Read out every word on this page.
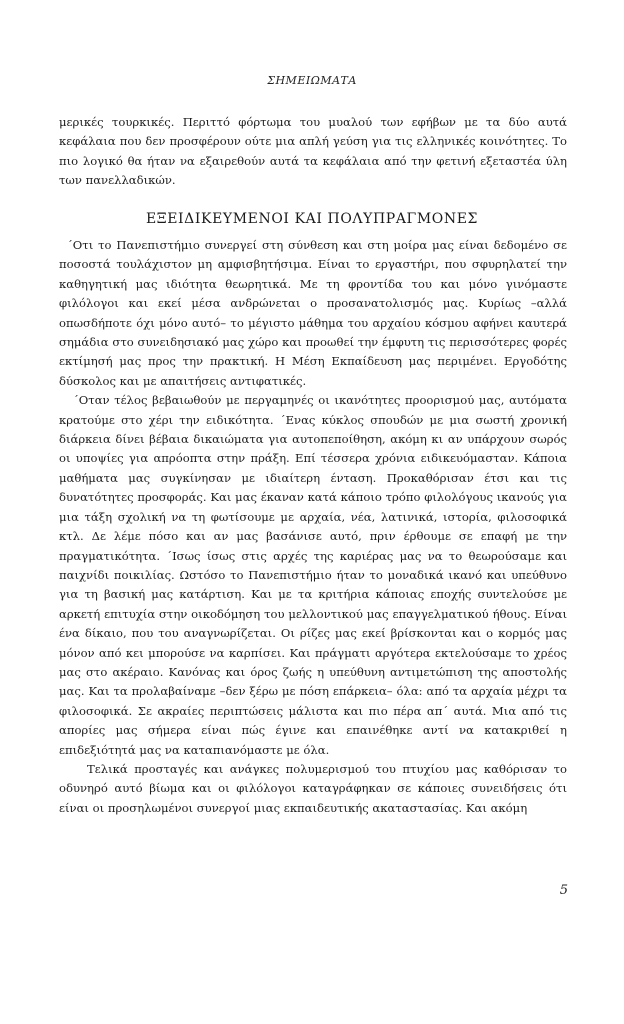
ΣΗΜΕΙΩΜΑΤΑ
μερικές τουρκικές. Περιττό φόρτωμα του μυαλού των εφήβων με τα δύο αυτά κεφάλαια που δεν προσφέρουν ούτε μια απλή γεύση για τις ελληνικές κοινότητες. Το πιο λογικό θα ήταν να εξαιρεθούν αυτά τα κεφάλαια από την φετινή εξεταστέα ύλη των πανελλαδικών.
ΕΞΕΙΔΙΚΕΥΜΕΝΟΙ ΚΑΙ ΠΟΛΥΠΡΑΓΜΟΝΕΣ

΄Οτι το Πανεπιστήμιο συνεργεί στη σύνθεση και στη μοίρα μας είναι δεδομένο σε ποσοστά τουλάχιστον μη αμφισβητήσιμα. Είναι το εργαστήρι, που σφυρηλατεί την καθηγητική μας ιδιότητα θεωρητικά. Με τη φροντίδα του και μόνο γινόμαστε φιλόλογοι και εκεί μέσα ανδρώνεται ο προσανατολισμός μας. Κυρίως –αλλά οπωσδήποτε όχι μόνο αυτό– το μέγιστο μάθημα του αρχαίου κόσμου αφήνει καυτερά σημάδια στο συνειδησιακό μας χώρο και προωθεί την έμφυτη τις περισσότερες φορές εκτίμησή μας προς την πρακτική. Η Μέση Εκπαίδευση μας περιμένει. Εργοδότης δύσκολος και με απαιτήσεις αντιφατικές.

΄Οταν τέλος βεβαιωθούν με περγαμηνές οι ικανότητες προορισμού μας, αυτόματα κρατούμε στο χέρι την ειδικότητα. ΄Ενας κύκλος σπουδών με μια σωστή χρονική διάρκεια δίνει βέβαια δικαιώματα για αυτοπεποίθηση, ακόμη κι αν υπάρχουν σωρός οι υποψίες για απρόοπτα στην πράξη. Επί τέσσερα χρόνια ειδικευόμασταν. Κάποια μαθήματα μας συγκίνησαν με ιδιαίτερη ένταση. Προκαθόρισαν έτσι και τις δυνατότητες προσφοράς. Και μας έκαναν κατά κάποιο τρόπο φιλολόγους ικανούς για μια τάξη σχολική να τη φωτίσουμε με αρχαία, νέα, λατινικά, ιστορία, φιλοσοφικά κτλ. Δε λέμε πόσο και αν μας βασάνισε αυτό, πριν έρθουμε σε επαφή με την πραγματικότητα. ΄Ισως ίσως στις αρχές της καριέρας μας να το θεωρούσαμε και παιχνίδι ποικιλίας. Ωστόσο το Πανεπιστήμιο ήταν το μοναδικά ικανό και υπεύθυνο για τη βασική μας κατάρτιση. Και με τα κριτήρια κάποιας εποχής συντελούσε με αρκετή επιτυχία στην οικοδόμηση του μελλοντικού μας επαγγελματικού ήθους. Είναι ένα δίκαιο, που του αναγνωρίζεται. Οι ρίζες μας εκεί βρίσκονται και ο κορμός μας μόνον από κει μπορούσε να καρπίσει. Και πράγματι αργότερα εκτελούσαμε το χρέος μας στο ακέραιο. Κανόνας και όρος ζωής η υπεύθυνη αντιμετώπιση της αποστολής μας. Και τα προλαβαίναμε –δεν ξέρω με πόση επάρκεια– όλα: από τα αρχαία μέχρι τα φιλοσοφικά. Σε ακραίες περιπτώσεις μάλιστα και πιο πέρα απ΄ αυτά. Μια από τις απορίες μας σήμερα είναι πώς έγινε και επαινέθηκε αντί να κατακριθεί η επιδεξιότητά μας να καταπιανόμαστε με όλα.

Τελικά προσταγές και ανάγκες πολυμερισμού του πτυχίου μας καθόρισαν το οδυνηρό αυτό βίωμα και οι φιλόλογοι καταγράφηκαν σε κάποιες συνειδήσεις ότι είναι οι προσηλωμένοι συνεργοί μιας εκπαιδευτικής ακαταστασίας. Και ακόμη

5
